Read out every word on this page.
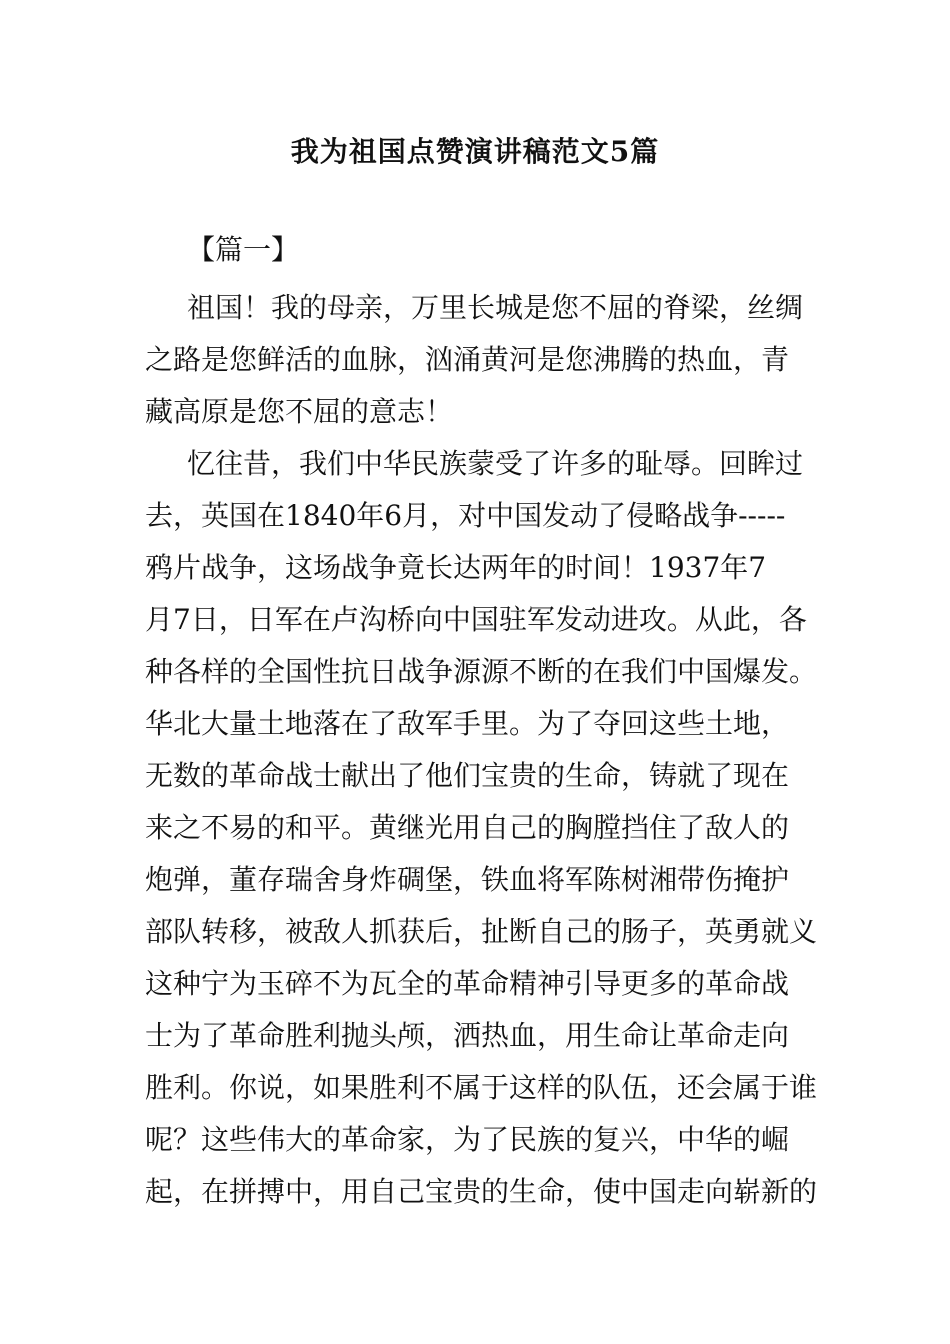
我为祖国点赞演讲稿范文5篇
【篇一】
祖国！我的母亲，万里长城是您不屈的脊梁，丝绸
之路是您鲜活的血脉，汹涌黄河是您沸腾的热血，青
藏高原是您不屈的意志！
忆往昔，我们中华民族蒙受了许多的耻辱。回眸过
去，英国在1840年6月，对中国发动了侵略战争-----
鸦片战争，这场战争竟长达两年的时间！1937年7
月7日，日军在卢沟桥向中国驻军发动进攻。从此，各
种各样的全国性抗日战争源源不断的在我们中国爆发。
华北大量土地落在了敌军手里。为了夺回这些土地，
无数的革命战士献出了他们宝贵的生命，铸就了现在
来之不易的和平。黄继光用自己的胸膛挡住了敌人的
炮弹，董存瑞舍身炸碉堡，铁血将军陈树湘带伤掩护
部队转移，被敌人抓获后，扯断自己的肠子，英勇就义
这种宁为玉碎不为瓦全的革命精神引导更多的革命战
士为了革命胜利抛头颅，洒热血，用生命让革命走向
胜利。你说，如果胜利不属于这样的队伍，还会属于谁
呢？这些伟大的革命家，为了民族的复兴，中华的崛
起，在拼搏中，用自己宝贵的生命，使中国走向崭新的
